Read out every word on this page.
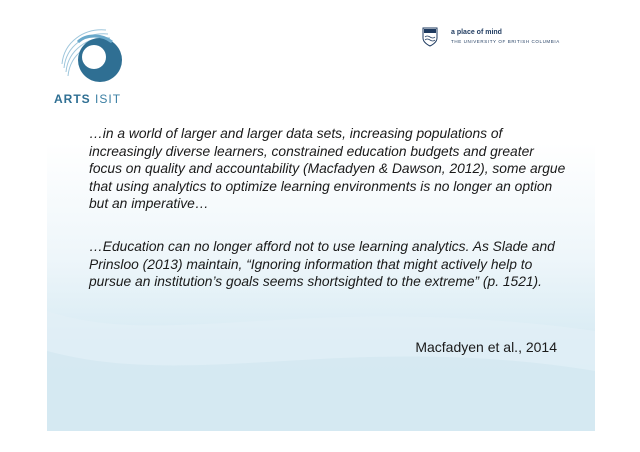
ARTS ISIT
a place of mind
THE UNIVERSITY OF BRITISH COLUMBIA

…in a world of larger and larger data sets, increasing populations of increasingly diverse learners, constrained education budgets and greater focus on quality and accountability (Macfadyen & Dawson, 2012), some argue that using analytics to optimize learning environments is no longer an option but an imperative…

…Education can no longer afford not to use learning analytics. As Slade and Prinsloo (2013) maintain, “Ignoring information that might actively help to pursue an institution’s goals seems shortsighted to the extreme” (p. 1521).

Macfadyen et al., 2014
